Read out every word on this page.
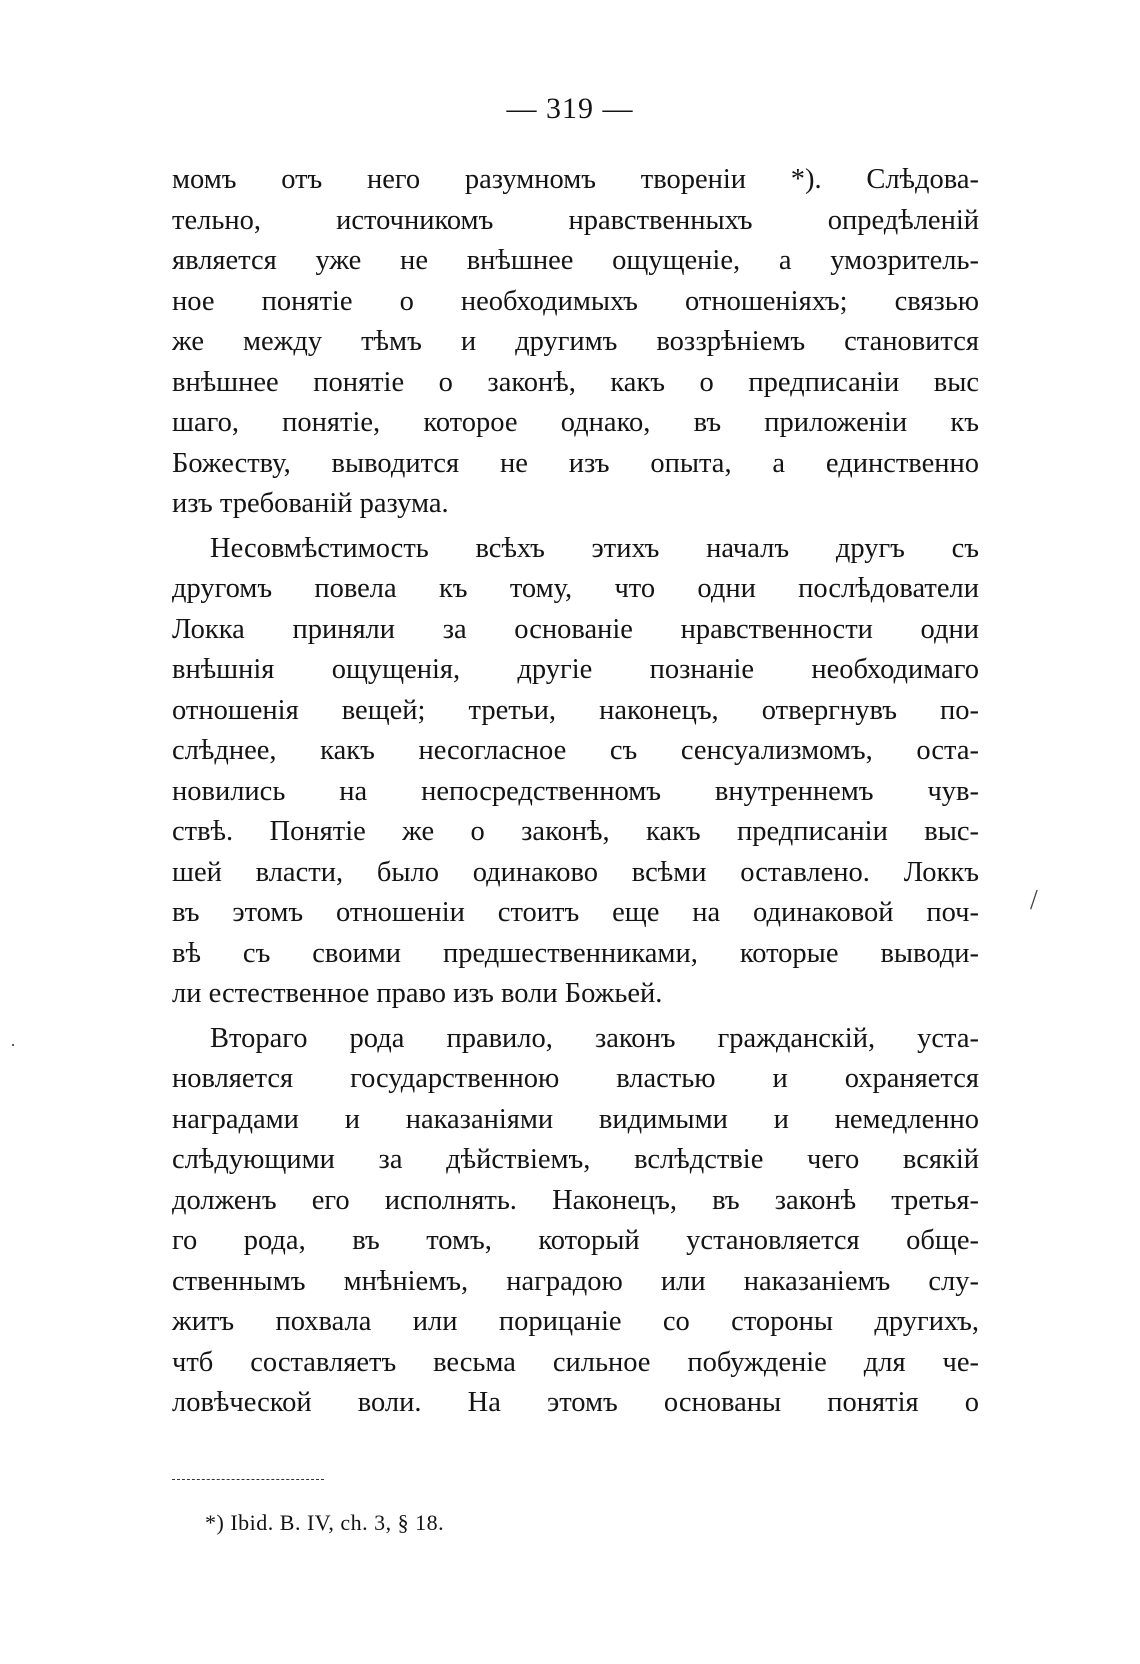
— 319 —
момъ отъ него разумномъ твореніи *). Слѣдова-
тельно, источникомъ нравственныхъ опредѣленій
является уже не внѣшнее ощущеніе, а умозритель-
ное понятіе о необходимыхъ отношеніяхъ; связью
же между тѣмъ и другимъ воззрѣніемъ становится
внѣшнее понятіе о законѣ, какъ о предписаніи выс
шаго, понятіе, которое однако, въ приложеніи къ
Божеству, выводится не изъ опыта, а единственно
изъ требованій разума.
Несовмѣстимость всѣхъ этихъ началъ другъ съ
другомъ повела къ тому, что одни послѣдователи
Локка приняли за основаніе нравственности одни
внѣшнія ощущенія, другіе познаніе необходимаго
отношенія вещей; третьи, наконецъ, отвергнувъ по-
слѣднее, какъ несогласное съ сенсуализмомъ, оста-
новились на непосредственномъ внутреннемъ чув-
ствѣ. Понятіе же о законѣ, какъ предписаніи выс-
шей власти, было одинаково всѣми оставлено. Локкъ
въ этомъ отношеніи стоитъ еще на одинаковой поч-
вѣ съ своими предшественниками, которые выводи-
ли естественное право изъ воли Божьей.
Втораго рода правило, законъ гражданскій, уста-
новляется государственною властью и охраняется
наградами и наказаніями видимыми и немедленно
слѣдующими за дѣйствіемъ, вслѣдствіе чего всякій
долженъ его исполнять. Наконецъ, въ законѣ третья-
го рода, въ томъ, который установляется обще-
ственнымъ мнѣніемъ, наградою или наказаніемъ слу-
житъ похвала или порицаніе со стороны другихъ,
чтб составляетъ весьма сильное побужденіе для че-
ловѣческой воли. На этомъ основаны понятія о
*) Ibid. B. IV, ch. 3, § 18.
/
·
